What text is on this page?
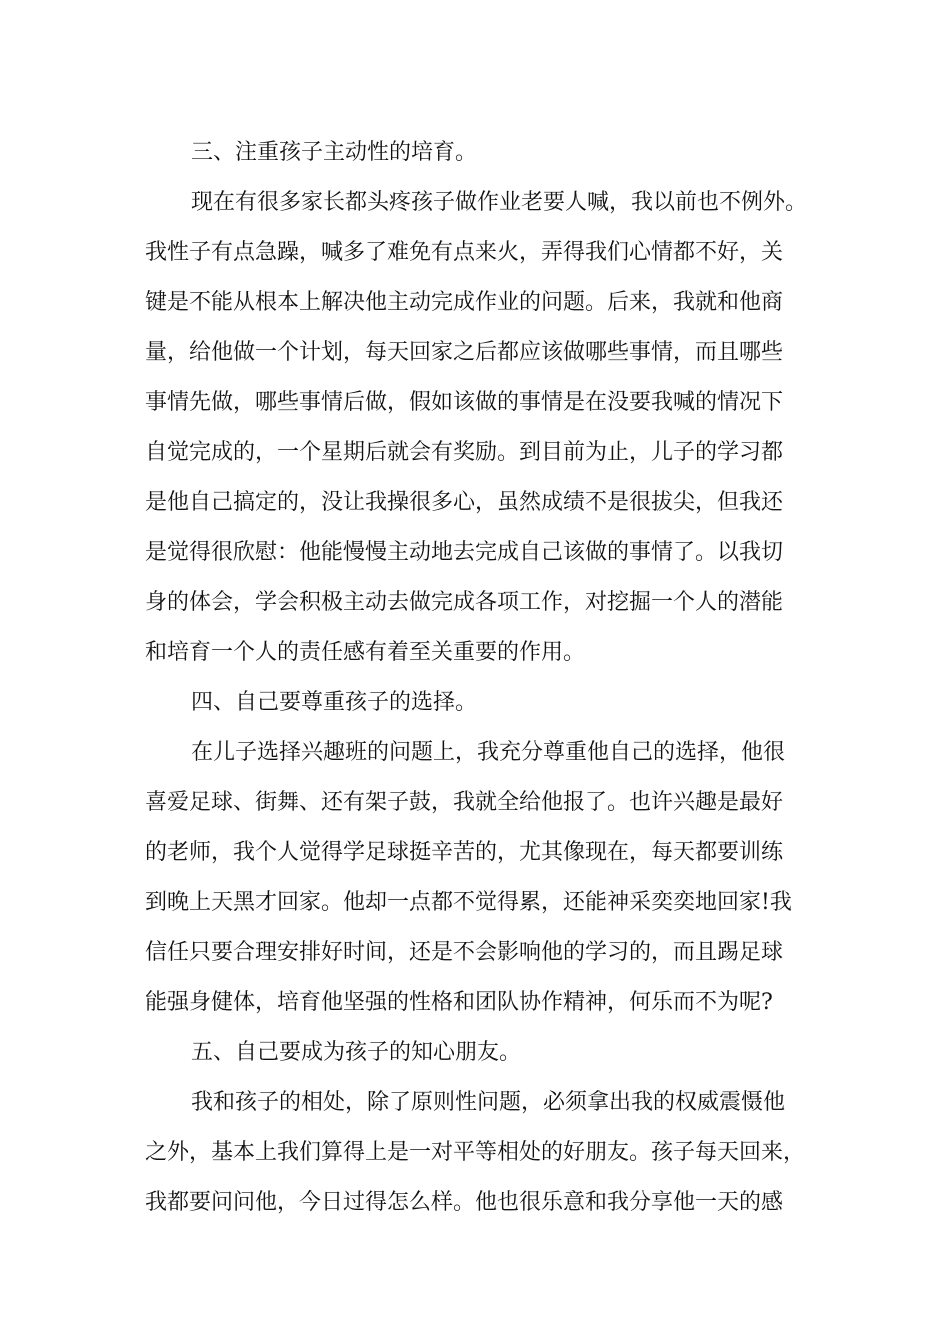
三、注重孩子主动性的培育。
现在有很多家长都头疼孩子做作业老要人喊，我以前也不例外。
我性子有点急躁，喊多了难免有点来火，弄得我们心情都不好，关
键是不能从根本上解决他主动完成作业的问题。后来，我就和他商
量，给他做一个计划，每天回家之后都应该做哪些事情，而且哪些
事情先做，哪些事情后做，假如该做的事情是在没要我喊的情况下
自觉完成的，一个星期后就会有奖励。到目前为止，儿子的学习都
是他自己搞定的，没让我操很多心，虽然成绩不是很拔尖，但我还
是觉得很欣慰：他能慢慢主动地去完成自己该做的事情了。以我切
身的体会，学会积极主动去做完成各项工作，对挖掘一个人的潜能
和培育一个人的责任感有着至关重要的作用。
四、自己要尊重孩子的选择。
在儿子选择兴趣班的问题上，我充分尊重他自己的选择，他很
喜爱足球、街舞、还有架子鼓，我就全给他报了。也许兴趣是最好
的老师，我个人觉得学足球挺辛苦的，尤其像现在，每天都要训练
到晚上天黑才回家。他却一点都不觉得累，还能神采奕奕地回家!我
信任只要合理安排好时间，还是不会影响他的学习的，而且踢足球
能强身健体，培育他坚强的性格和团队协作精神，何乐而不为呢?
五、自己要成为孩子的知心朋友。
我和孩子的相处，除了原则性问题，必须拿出我的权威震慑他
之外，基本上我们算得上是一对平等相处的好朋友。孩子每天回来，
我都要问问他，今日过得怎么样。他也很乐意和我分享他一天的感
